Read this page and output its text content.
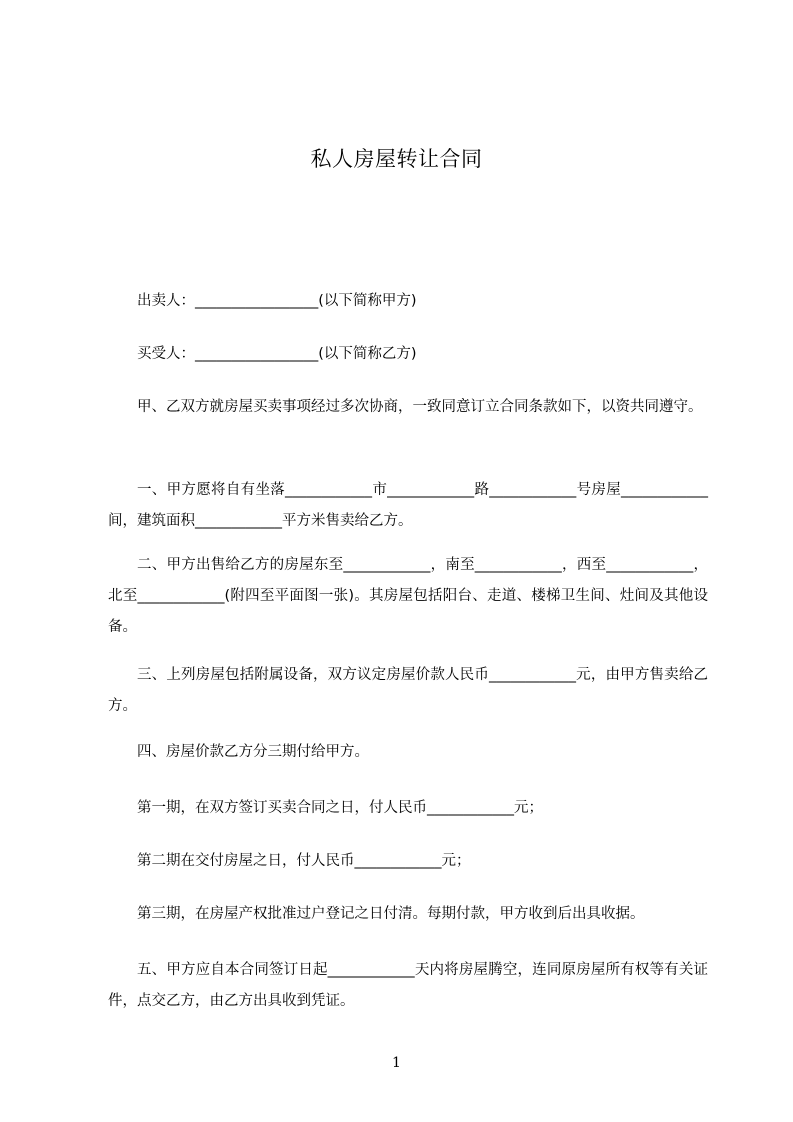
私人房屋转让合同
出卖人：_________________(以下简称甲方)
买受人：_________________(以下简称乙方)
甲、乙双方就房屋买卖事项经过多次协商，一致同意订立合同条款如下，以资共同遵守。
一、甲方愿将自有坐落____________市____________路____________号房屋____________间，建筑面积____________平方米售卖给乙方。
二、甲方出售给乙方的房屋东至____________，南至____________，西至____________，北至____________(附四至平面图一张)。其房屋包括阳台、走道、楼梯卫生间、灶间及其他设备。
三、上列房屋包括附属设备，双方议定房屋价款人民币____________元，由甲方售卖给乙方。
四、房屋价款乙方分三期付给甲方。
第一期，在双方签订买卖合同之日，付人民币____________元；
第二期在交付房屋之日，付人民币____________元；
第三期，在房屋产权批准过户登记之日付清。每期付款，甲方收到后出具收据。
五、甲方应自本合同签订日起____________天内将房屋腾空，连同原房屋所有权等有关证件，点交乙方，由乙方出具收到凭证。
1
